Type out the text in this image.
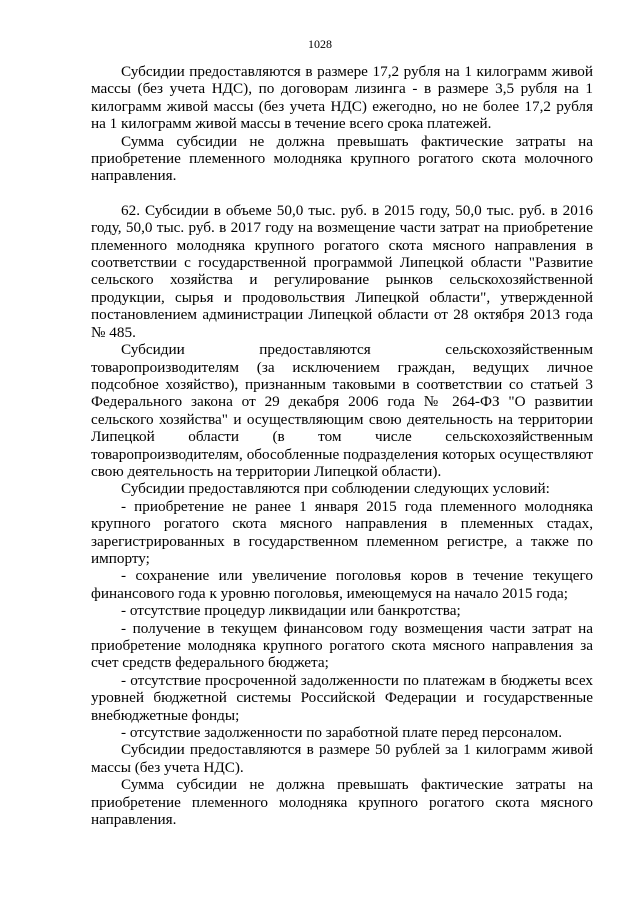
1028

Субсидии предоставляются в размере 17,2 рубля на 1 килограмм живой массы (без учета НДС), по договорам лизинга - в размере 3,5 рубля на 1 килограмм живой массы (без учета НДС) ежегодно, но не более 17,2 рубля на 1 килограмм живой массы в течение всего срока платежей.

Сумма субсидии не должна превышать фактические затраты на приобретение племенного молодняка крупного рогатого скота молочного направления.

62. Субсидии в объеме 50,0 тыс. руб. в 2015 году, 50,0 тыс. руб. в 2016 году, 50,0 тыс. руб. в 2017 году на возмещение части затрат на приобретение племенного молодняка крупного рогатого скота мясного направления в соответствии с государственной программой Липецкой области "Развитие сельского хозяйства и регулирование рынков сельскохозяйственной продукции, сырья и продовольствия Липецкой области", утвержденной постановлением администрации Липецкой области от 28 октября 2013 года № 485.

Субсидии предоставляются сельскохозяйственным товаропроизводителям (за исключением граждан, ведущих личное подсобное хозяйство), признанным таковыми в соответствии со статьей 3 Федерального закона от 29 декабря 2006 года № 264-ФЗ "О развитии сельского хозяйства" и осуществляющим свою деятельность на территории Липецкой области (в том числе сельскохозяйственным товаропроизводителям, обособленные подразделения которых осуществляют свою деятельность на территории Липецкой области).

Субсидии предоставляются при соблюдении следующих условий:

- приобретение не ранее 1 января 2015 года племенного молодняка крупного рогатого скота мясного направления в племенных стадах, зарегистрированных в государственном племенном регистре, а также по импорту;

- сохранение или увеличение поголовья коров в течение текущего финансового года к уровню поголовья, имеющемуся на начало 2015 года;

- отсутствие процедур ликвидации или банкротства;

- получение в текущем финансовом году возмещения части затрат на приобретение молодняка крупного рогатого скота мясного направления за счет средств федерального бюджета;

- отсутствие просроченной задолженности по платежам в бюджеты всех уровней бюджетной системы Российской Федерации и государственные внебюджетные фонды;

- отсутствие задолженности по заработной плате перед персоналом.

Субсидии предоставляются в размере 50 рублей за 1 килограмм живой массы (без учета НДС).

Сумма субсидии не должна превышать фактические затраты на приобретение племенного молодняка крупного рогатого скота мясного направления.
